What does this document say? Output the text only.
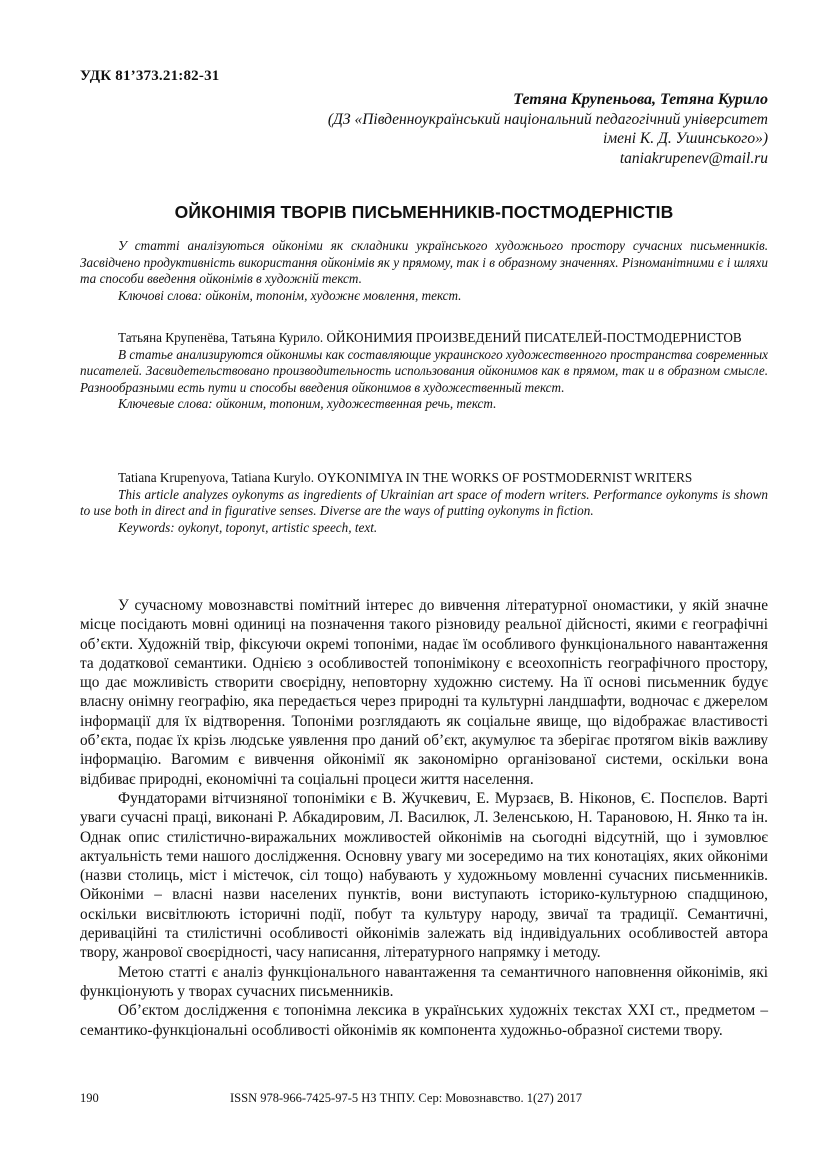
УДК 81’373.21:82-31
Тетяна Крупеньова, Тетяна Курило
(ДЗ «Південноукраїнський національний педагогічний університет
імені К. Д. Ушинського»)
taniakrupenev@mail.ru
ОЙКОНІМІЯ ТВОРІВ ПИСЬМЕННИКІВ-ПОСТМОДЕРНІСТІВ

У статті аналізуються ойконіми як складники українського художнього простору сучасних письменників. Засвідчено продуктивність використання ойконімів як у прямому, так і в образному значеннях. Різноманітними є і шляхи та способи введення ойконімів в художній текст.

Ключові слова: ойконім, топонім, художнє мовлення, текст.

Татьяна Крупенёва, Татьяна Курило. ОЙКОНИМИЯ ПРОИЗВЕДЕНИЙ ПИСАТЕЛЕЙ-ПОСТМОДЕРНИСТОВ

В статье анализируются ойконимы как составляющие украинского художественного пространства современных писателей. Засвидетельствовано производительность использования ойконимов как в прямом, так и в образном смысле. Разнообразными есть пути и способы введения ойконимов в художественный текст.

Ключевые слова: ойконим, топоним, художественная речь, текст.

Tatiana Krupenyova, Tatiana Kurylo. OYKONIMIYA IN THE WORKS OF POSTMODERNIST WRITERS

This article analyzes oykonyms as ingredients of Ukrainian art space of modern writers. Performance oykonyms is shown to use both in direct and in figurative senses. Diverse are the ways of putting oykonyms in fiction.

Keywords: oykonyt, toponyt, artistic speech, text.

У сучасному мовознавстві помітний інтерес до вивчення літературної ономастики, у якій значне місце посідають мовні одиниці на позначення такого різновиду реальної дійсності, якими є географічні об’єкти. Художній твір, фіксуючи окремі топоніми, надає їм особливого функціонального навантаження та додаткової семантики. Однією з особливостей топонімікону є всеохопність географічного простору, що дає можливість створити своєрідну, неповторну художню систему. На її основі письменник будує власну онімну географію, яка передається через природні та культурні ландшафти, водночас є джерелом інформації для їх відтворення. Топоніми розглядають як соціальне явище, що відображає властивості об’єкта, подає їх крізь людське уявлення про даний об’єкт, акумулює та зберігає протягом віків важливу інформацію. Вагомим є вивчення ойконімії як закономірно організованої системи, оскільки вона відбиває природні, економічні та соціальні процеси життя населення.

Фундаторами вітчизняної топоніміки є В. Жучкевич, Е. Мурзаєв, В. Ніконов, Є. Поспєлов. Варті уваги сучасні праці, виконані Р. Абкадировим, Л. Василюк, Л. Зеленською, Н. Тарановою, Н. Янко та ін. Однак опис стилістично-виражальних можливостей ойконімів на сьогодні відсутній, що і зумовлює актуальність теми нашого дослідження. Основну увагу ми зосередимо на тих конотаціях, яких ойконіми (назви столиць, міст і містечок, сіл тощо) набувають у художньому мовленні сучасних письменників. Ойконіми – власні назви населених пунктів, вони виступають історико-культурною спадщиною, оскільки висвітлюють історичні події, побут та культуру народу, звичаї та традиції. Семантичні, дериваційні та стилістичні особливості ойконімів залежать від індивідуальних особливостей автора твору, жанрової своєрідності, часу написання, літературного напрямку і методу.

Метою статті є аналіз функціонального навантаження та семантичного наповнення ойконімів, які функціонують у творах сучасних письменників.

Об’єктом дослідження є топонімна лексика в українських художніх текстах XXI ст., предметом – семантико-функціональні особливості ойконімів як компонента художньо-образної системи твору.

190	ISSN 978-966-7425-97-5 НЗ ТНПУ. Сер: Мовознавство. 1(27) 2017
